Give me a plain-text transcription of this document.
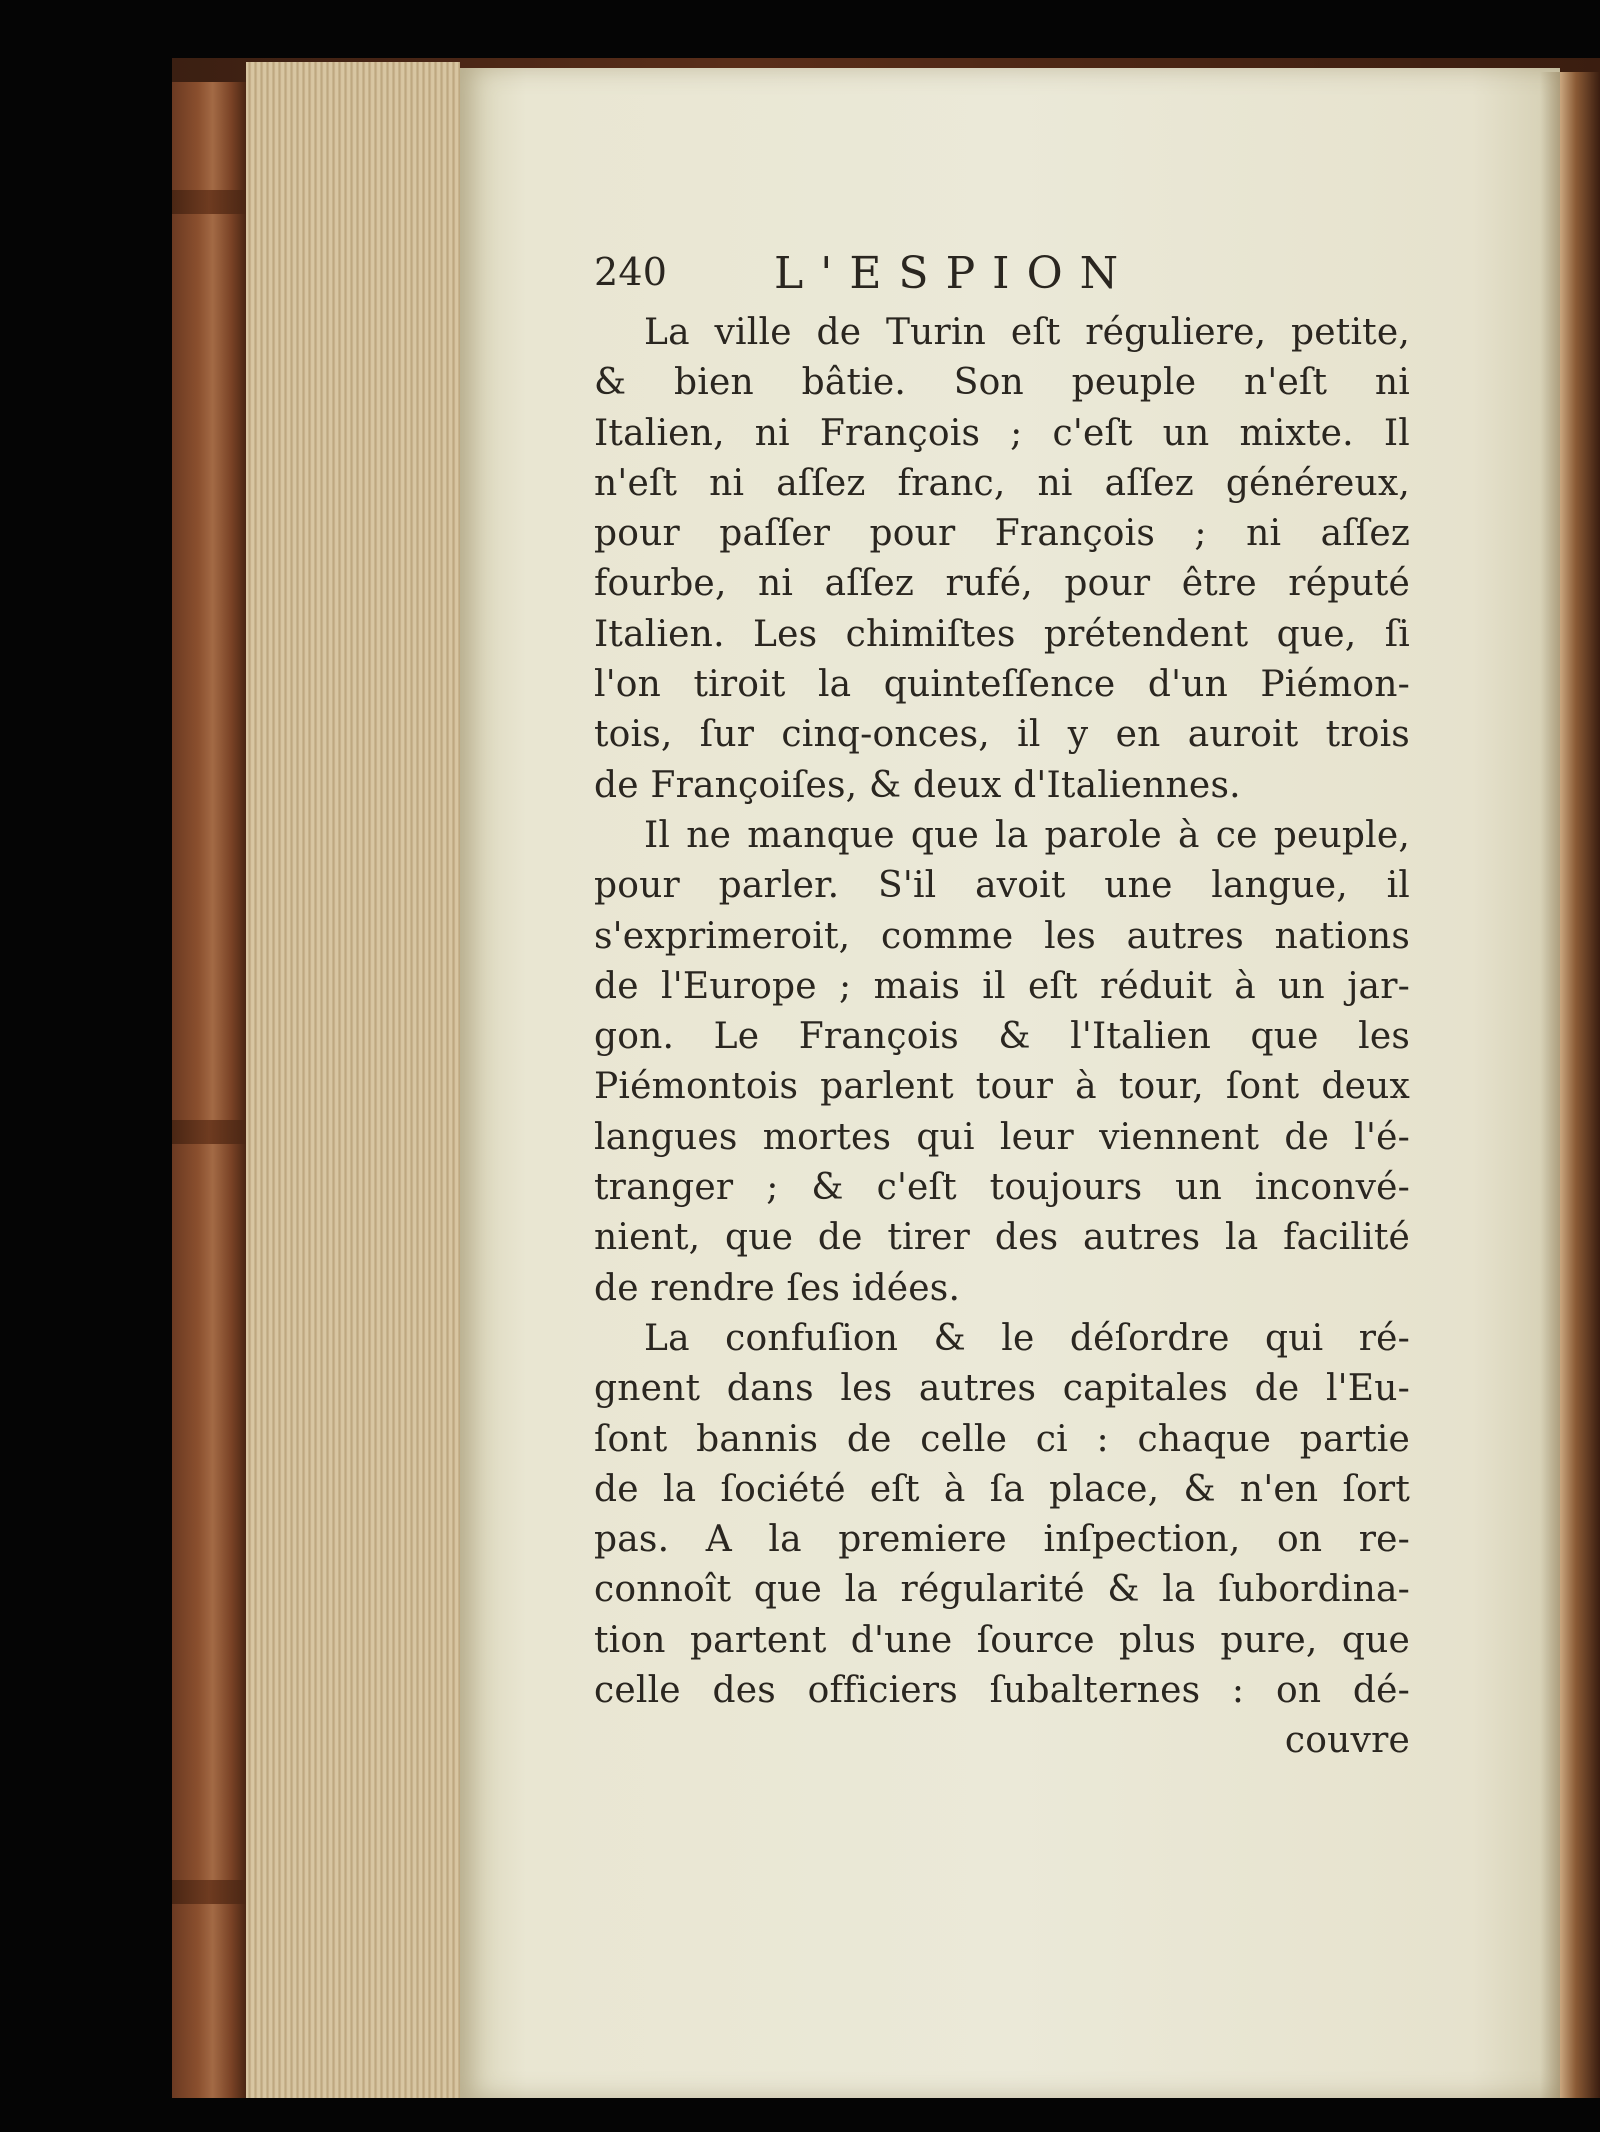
240 L'ESPION
La ville de Turin eſt réguliere, petite,
& bien bâtie. Son peuple n'eſt ni
Italien, ni François ; c'eſt un mixte. Il
n'eſt ni aſſez franc, ni aſſez généreux,
pour paſſer pour François ; ni aſſez
fourbe, ni aſſez rufé, pour être réputé
Italien. Les chimiſtes prétendent que, ſi
l'on tiroit la quinteſſence d'un Piémon-
tois, ſur cinq-onces, il y en auroit trois
de Françoiſes, & deux d'Italiennes.
Il ne manque que la parole à ce peuple,
pour parler. S'il avoit une langue, il
s'exprimeroit, comme les autres nations
de l'Europe ; mais il eſt réduit à un jar-
gon. Le François & l'Italien que les
Piémontois parlent tour à tour, ſont deux
langues mortes qui leur viennent de l'é-
tranger ; & c'eſt toujours un inconvé-
nient, que de tirer des autres la facilité
de rendre ſes idées.
La confuſion & le déſordre qui ré-
gnent dans les autres capitales de l'Eu-
ſont bannis de celle ci : chaque partie
de la ſociété eſt à ſa place, & n'en ſort
pas. A la premiere inſpection, on re-
connoît que la régularité & la ſubordina-
tion partent d'une ſource plus pure, que
celle des officiers ſubalternes : on dé-
couvre
